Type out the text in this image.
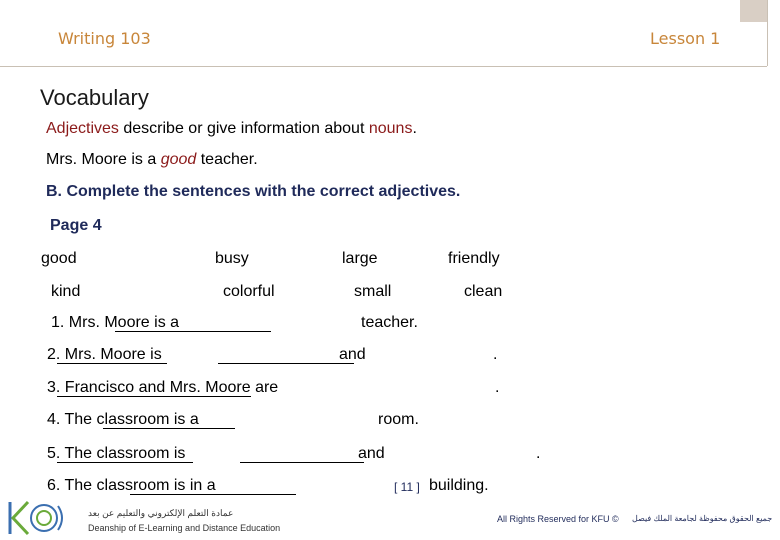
Writing 103	Lesson 1
Vocabulary
Adjectives describe or give information about nouns.
Mrs. Moore is a good teacher.
B. Complete the sentences with the correct adjectives.
Page 4
good	busy	large	friendly
kind	colorful	small	clean
1. Mrs. Moore is a	teacher.
2. Mrs. Moore is	and	.
3. Francisco and Mrs. Moore are	.
4. The classroom is a	room.
5. The classroom is	and	.
6. The classroom is in a	building.
عمادة التعلم الإلكتروني والتعليم عن بعد
Deanship of E-Learning and Distance Education
[ 11 ]
All Rights Reserved for KFU © جميع الحقوق محفوظة لجامعة الملك فيصل
